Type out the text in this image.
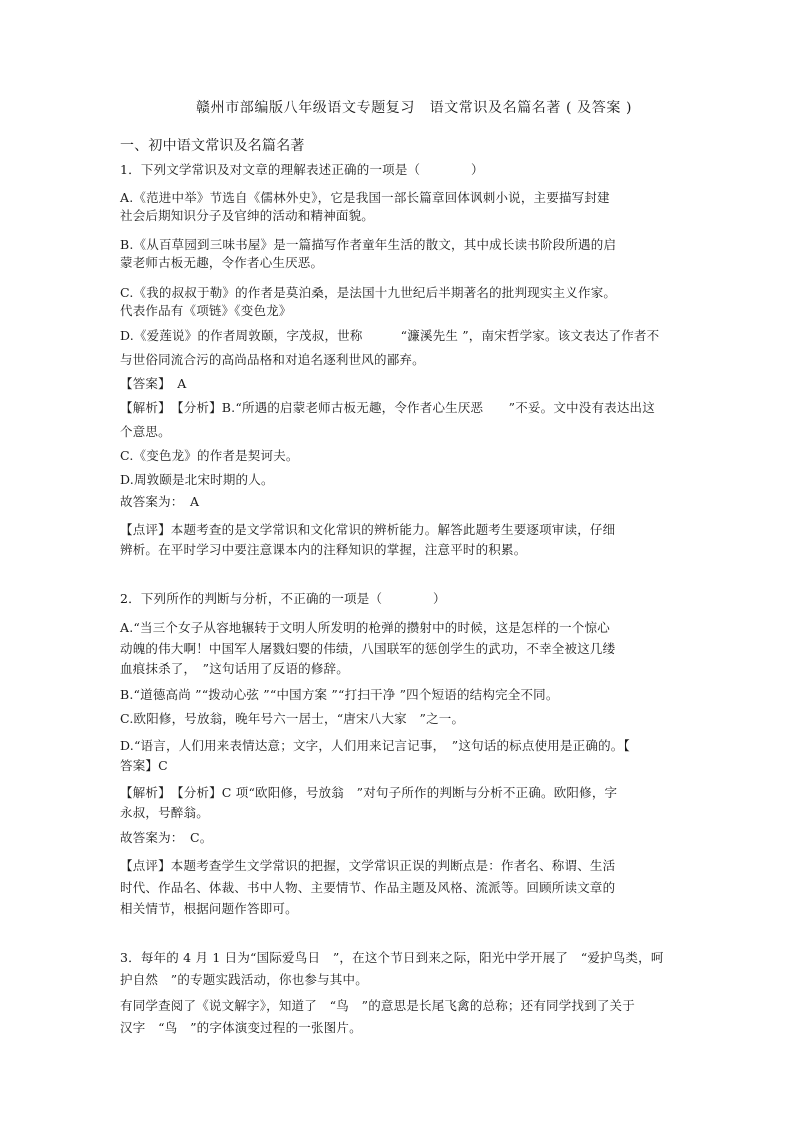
赣州市部编版八年级语文专题复习　语文常识及名篇名著 ( 及答案 )
一、初中语文常识及名篇名著
1．下列文学常识及对文章的理解表述正确的一项是（　　　　）
A.《范进中举》节选自《儒林外史》，它是我国一部长篇章回体讽刺小说，主要描写封建
社会后期知识分子及官绅的活动和精神面貌。
B.《从百草园到三味书屋》是一篇描写作者童年生活的散文，其中成长读书阶段所遇的启
蒙老师古板无趣，令作者心生厌恶。
C.《我的叔叔于勒》的作者是莫泊桑，是法国十九世纪后半期著名的批判现实主义作家。
代表作品有《项链》《变色龙》
D.《爱莲说》的作者周敦颐，字茂叔，世称　　　“濂溪先生 ”，南宋哲学家。该文表达了作者不
与世俗同流合污的高尚品格和对追名逐利世风的鄙弃。
【答案】　A
【解析】　【分析】B.“所遇的启蒙老师古板无趣，令作者心生厌恶　　”不妥。文中没有表达出这
个意思。
C.《变色龙》的作者是契诃夫。
D.周敦颐是北宋时期的人。
故答案为：　A
【点评】本题考查的是文学常识和文化常识的辨析能力。解答此题考生要逐项审读，仔细
辨析。在平时学习中要注意课本内的注释知识的掌握，注意平时的积累。
2．下列所作的判断与分析，不正确的一项是（　　　　）
A.“当三个女子从容地辗转于文明人所发明的枪弹的攒射中的时候，这是怎样的一个惊心
动魄的伟大啊！中国军人屠戮妇婴的伟绩，八国联军的惩创学生的武功，不幸全被这几缕
血痕抹杀了，　”这句话用了反语的修辞。
B.“道德高尚 ”“拨动心弦 ”“中国方案 ”“打扫干净 ”四个短语的结构完全不同。
C.欧阳修，号放翁，晚年号六一居士，“唐宋八大家　”之一。
D.“语言，人们用来表情达意；文字，人们用来记言记事，　”这句话的标点使用是正确的。【
答案】C
【解析】　【分析】C 项“欧阳修，号放翁　”对句子所作的判断与分析不正确。欧阳修，字
永叔，号醉翁。
故答案为：　C。
【点评】本题考查学生文学常识的把握，文学常识正误的判断点是：作者名、称谓、生活
时代、作品名、体裁、书中人物、主要情节、作品主题及风格、流派等。回顾所读文章的
相关情节，根据问题作答即可。
3．每年的 4 月 1 日为“国际爱鸟日　”，在这个节日到来之际，阳光中学开展了　“爱护鸟类，呵
护自然　”的专题实践活动，你也参与其中。
有同学查阅了《说文解字》，知道了　“鸟　”的意思是长尾飞禽的总称；还有同学找到了关于
汉字　“鸟　”的字体演变过程的一张图片。
